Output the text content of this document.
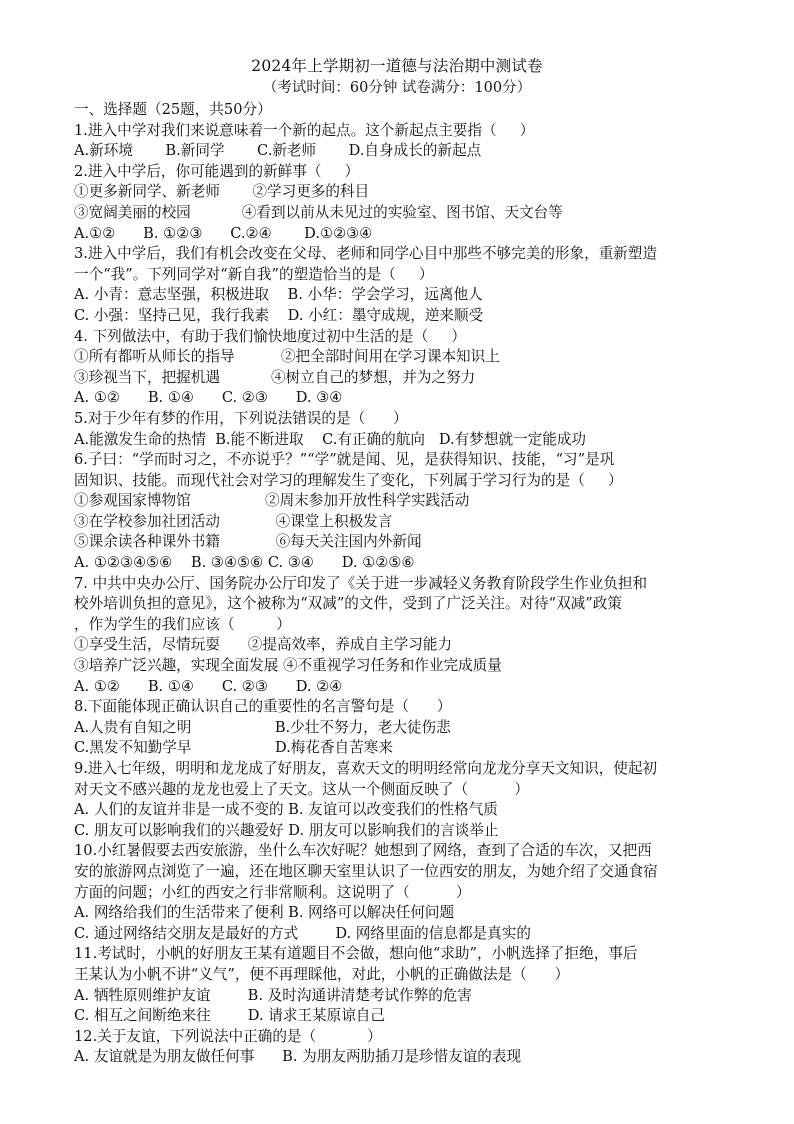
2024年上学期初一道德与法治期中测试卷
（考试时间：60分钟 试卷满分：100分）
一、选择题（25题，共50分）
1.进入中学对我们来说意味着一个新的起点。这个新起点主要指（     ）
A.新环境       B.新同学       C.新老师       D.自身成长的新起点
2.进入中学后，你可能遇到的新鲜事（     ）
①更多新同学、新老师       ②学习更多的科目
③宽阔美丽的校园           ④看到以前从未见过的实验室、图书馆、天文台等
A.①②      B. ①②③      C.②④       D.①②③④
3.进入中学后，我们有机会改变在父母、老师和同学心目中那些不够完美的形象，重新塑造
一个“我”。下列同学对“新自我”的塑造恰当的是（     ）
A. 小青：意志坚强，积极进取    B. 小华：学会学习，远离他人
C. 小强：坚持己见，我行我素    D. 小红：墨守成规，逆来顺受
4. 下列做法中，有助于我们愉快地度过初中生活的是（     ）
①所有都听从师长的指导          ②把全部时间用在学习课本知识上
③珍视当下，把握机遇           ④树立自己的梦想，并为之努力
A. ①②      B. ①④      C. ②③      D. ③④
5.对于少年有梦的作用，下列说法错误的是（      ）
A.能激发生命的热情  B.能不断进取    C.有正确的航向   D.有梦想就一定能成功
6.子曰：“学而时习之，不亦说乎？”“学”就是闻、见，是获得知识、技能，“习”是巩
固知识、技能。而现代社会对学习的理解发生了变化，下列属于学习行为的是（     ）
①参观国家博物馆                ②周末参加开放性科学实践活动
③在学校参加社团活动            ④课堂上积极发言
⑤课余读各种课外书籍            ⑥每天关注国内外新闻
A. ①②③④⑤⑥    B. ③④⑤⑥ C. ③④      D. ①②⑤⑥
7. 中共中央办公厅、国务院办公厅印发了《关于进一步减轻义务教育阶段学生作业负担和
校外培训负担的意见》，这个被称为“双减”的文件，受到了广泛关注。对待“双减”政策
，作为学生的我们应该（         ）
①享受生活，尽情玩耍      ②提高效率，养成自主学习能力
③培养广泛兴趣，实现全面发展 ④不重视学习任务和作业完成质量
A. ①②      B. ①④      C. ②③      D. ②④
8.下面能体现正确认识自己的重要性的名言警句是（      ）
A.人贵有自知之明                  B.少壮不努力，老大徒伤悲
C.黑发不知勤学早                  D.梅花香自苦寒来
9.进入七年级，明明和龙龙成了好朋友，喜欢天文的明明经常向龙龙分享天文知识，使起初
对天文不感兴趣的龙龙也爱上了天文。这从一个侧面反映了（          ）
A. 人们的友谊并非是一成不变的 B. 友谊可以改变我们的性格气质
C. 朋友可以影响我们的兴趣爱好 D. 朋友可以影响我们的言谈举止
10.小红暑假要去西安旅游，坐什么车次好呢？她想到了网络，查到了合适的车次，又把西
安的旅游网点浏览了一遍，还在地区聊天室里认识了一位西安的朋友，为她介绍了交通食宿
方面的问题；小红的西安之行非常顺利。这说明了（          ）
A. 网络给我们的生活带来了便利 B. 网络可以解决任何问题
C. 通过网络结交朋友是最好的方式        D. 网络里面的信息都是真实的
11.考试时，小帆的好朋友王某有道题目不会做，想向他“求助”，小帆选择了拒绝，事后
王某认为小帆不讲“义气”，便不再理睬他，对此，小帆的正确做法是（      ）
A. 牺牲原则维护友谊        B. 及时沟通讲清楚考试作弊的危害
C. 相互之间断绝来往        D. 请求王某原谅自己
12.关于友谊，下列说法中正确的是（           ）
A. 友谊就是为朋友做任何事      B. 为朋友两肋插刀是珍惜友谊的表现
